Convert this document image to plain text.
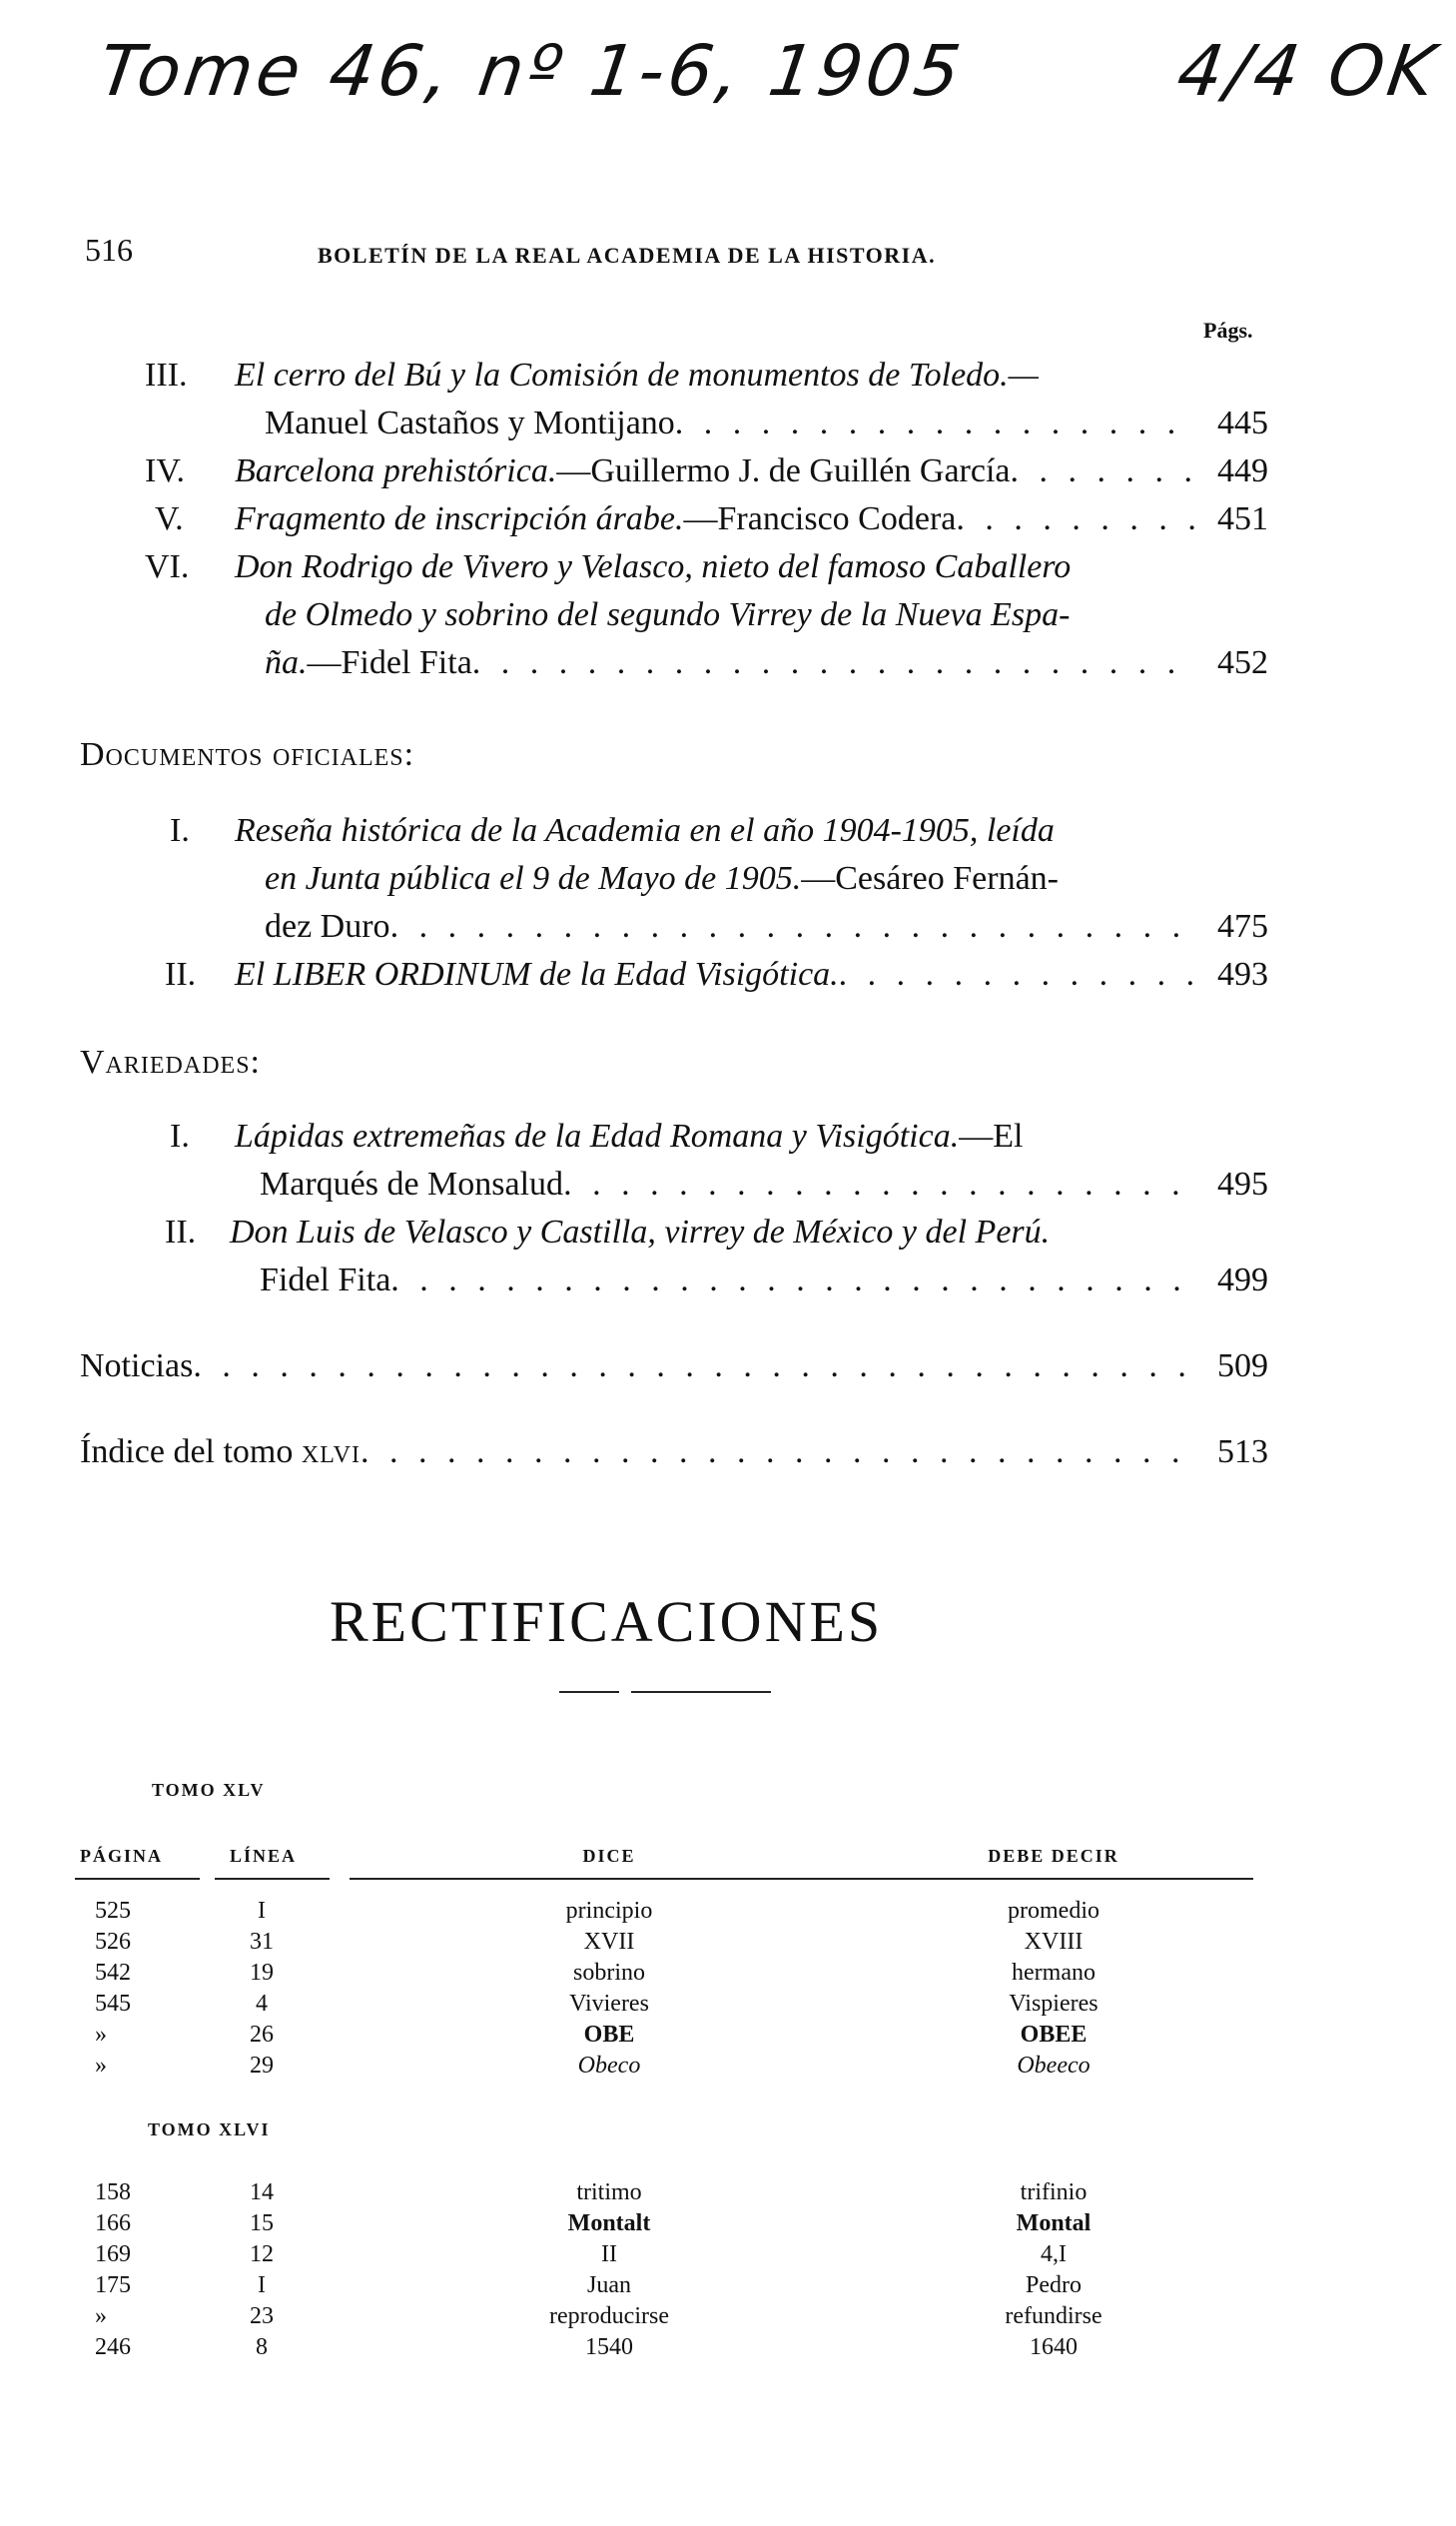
Tome 46, nº 1-6, 1905	4/4 OK
516	BOLETÍN DE LA REAL ACADEMIA DE LA HISTORIA.
Págs.
III. El cerro del Bú y la Comisión de monumentos de Toledo.—
Manuel Castaños y Montijano . . .	445
IV. Barcelona prehistórica. —Guillermo J. de Guillén García . . .	449
V. Fragmento de inscripción árabe. —Francisco Codera . . .	451
VI. Don Rodrigo de Vivero y Velasco, nieto del famoso Caballero
de Olmedo y sobrino del segundo Virrey de la Nueva Espa-
ña. —Fidel Fita . . .	452
Documentos oficiales:
I. Reseña histórica de la Academia en el año 1904-1905, leída
en Junta pública el 9 de Mayo de 1905.—Cesáreo Fernán-
dez Duro . . .	475
II. El LIBER ORDINUM de la Edad Visigótica. . . .	493
Variedades:
I. Lápidas extremeñas de la Edad Romana y Visigótica.—El
Marqués de Monsalud . . .	495
II. Don Luis de Velasco y Castilla, virrey de México y del Perú.
Fidel Fita . . .	499
Noticias . . .	509
Índice del tomo
xlvi . . .	513
RECTIFICACIONES
TOMO XLV
PÁGINA	LÍNEA	DICE	DEBE DECIR
525	I	principio	promedio
526	31	XVII	XVIII
542	19	sobrino	hermano
545	4	Vivieres	Vispieres
»	26	OBE	OBEE
»	29	Obeco	Obeeco
TOMO XLVI
158	14	tritimo	trifinio
166	15	Montalt	Montal
169	12	II	4,I
175	I	Juan	Pedro
»	23	reproducirse	refundirse
246	8	1540	1640
